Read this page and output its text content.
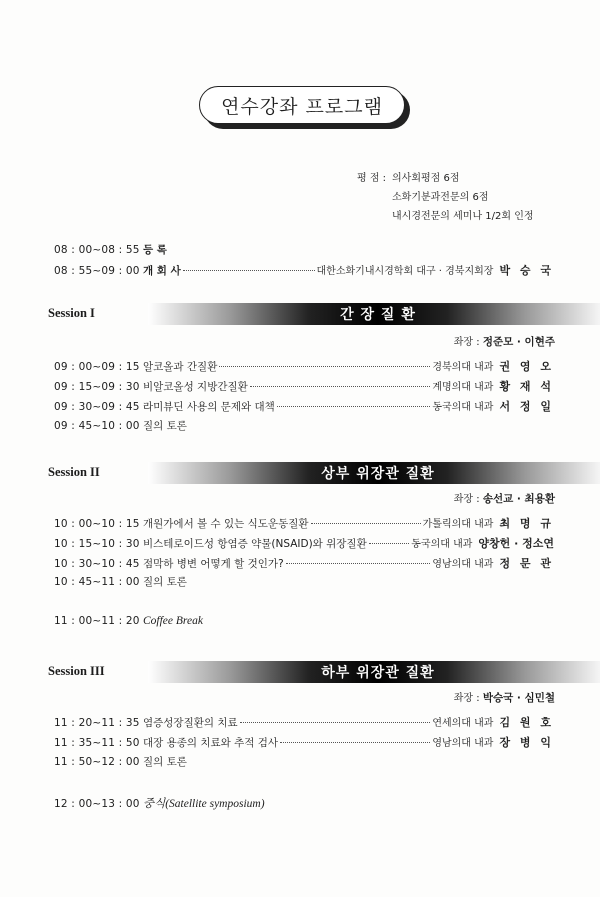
연수강좌 프로그램
평 점 : 의사회평점 6점
소화기분과전문의 6점
내시경전문의 세미나 1/2회 인정
08 : 00~08 : 55 등 록
08 : 55~09 : 00 개 회 사	대한소화기내시경학회 대구 · 경북지회장 박 승 국
Session I	간 장 질 환
좌장 : 정준모 · 이현주
09 : 00~09 : 15 알코올과 간질환	경북의대 내과 권 영 오
09 : 15~09 : 30 비알코올성 지방간질환	계명의대 내과 황 재 석
09 : 30~09 : 45 라미뷰딘 사용의 문제와 대책	동국의대 내과 서 정 일
09 : 45~10 : 00 질의 토론
Session II	상부 위장관 질환
좌장 : 송선교 · 최용환
10 : 00~10 : 15 개원가에서 볼 수 있는 식도운동질환	가톨릭의대 내과 최 명 규
10 : 15~10 : 30 비스테로이드성 항염증 약물(NSAID)와 위장질환	동국의대 내과 양창헌 · 정소연
10 : 30~10 : 45 점막하 병변 어떻게 할 것인가?	영남의대 내과 정 문 관
10 : 45~11 : 00 질의 토론
11 : 00~11 : 20 Coffee Break
Session III	하부 위장관 질환
좌장 : 박승국 · 심민철
11 : 20~11 : 35 염증성장질환의 치료	연세의대 내과 김 원 호
11 : 35~11 : 50 대장 용종의 치료와 추적 검사	영남의대 내과 장 병 익
11 : 50~12 : 00 질의 토론
12 : 00~13 : 00 중식(Satellite symposium)
